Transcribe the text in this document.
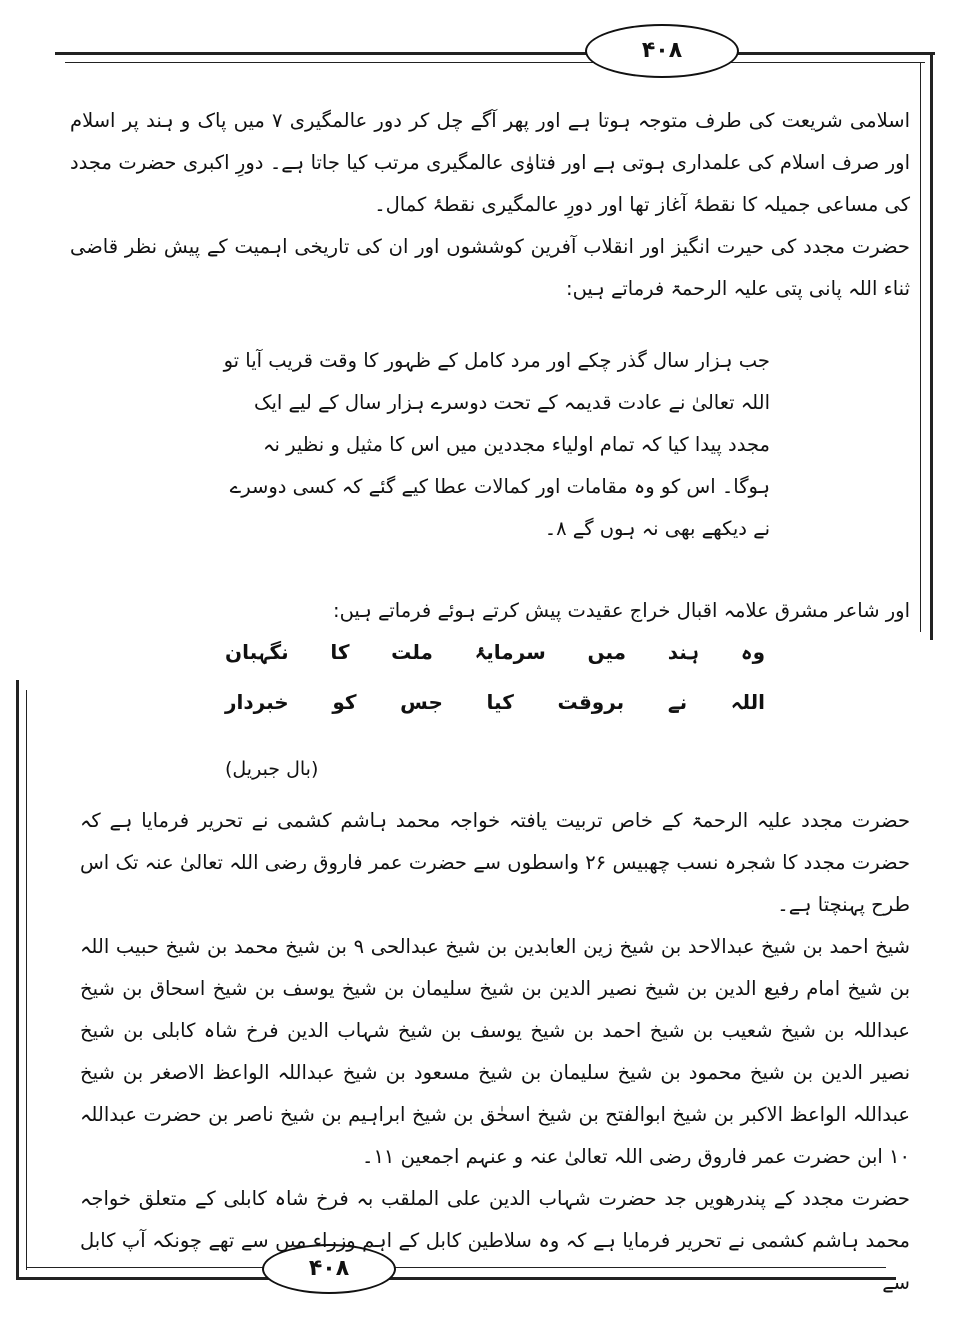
۴۰۸
۴۰۸

اسلامی شریعت کی طرف متوجہ ہوتا ہے اور پھر آگے چل کر دور عالمگیری ۷ میں پاک و ہند پر اسلام اور صرف اسلام کی علمداری ہوتی ہے اور فتاوٰی عالمگیری مرتب کیا جاتا ہے۔ دورِ اکبری حضرت مجدد کی مساعی جمیلہ کا نقطۂ آغاز تھا اور دورِ عالمگیری نقطۂ کمال۔

حضرت مجدد کی حیرت انگیز اور انقلاب آفرین کوششوں اور ان کی تاریخی اہمیت کے پیش نظر قاضی ثناء اللہ پانی پتی علیہ الرحمۃ فرماتے ہیں:

جب ہزار سال گذر چکے اور مرد کامل کے ظہور کا وقت قریب آیا تو اللہ تعالیٰ نے عادت قدیمہ کے تحت دوسرے ہزار سال کے لیے ایک مجدد پیدا کیا کہ تمام اولیاء مجددین میں اس کا مثیل و نظیر نہ ہوگا۔ اس کو وہ مقامات اور کمالات عطا کیے گئے کہ کسی دوسرے نے دیکھے بھی نہ ہوں گے ۸۔

اور شاعر مشرق علامہ اقبال خراج عقیدت پیش کرتے ہوئے فرماتے ہیں:

وہ
ہند
میں
سرمایۂ
ملت
کا
نگہبان
اللہ
نے
بروقت
کیا
جس
کو
خبردار
(بال جبریل)

حضرت مجدد علیہ الرحمۃ کے خاص تربیت یافتہ خواجہ محمد ہاشم کشمی نے تحریر فرمایا ہے کہ حضرت مجدد کا شجرہ نسب چھبیس ۲۶ واسطوں سے حضرت عمر فاروق رضی اللہ تعالیٰ عنہ تک اس طرح پہنچتا ہے۔

شیخ احمد بن شیخ عبدالاحد بن شیخ زین العابدین بن شیخ عبدالحی ۹ بن شیخ محمد بن شیخ حبیب اللہ بن شیخ امام رفیع الدین بن شیخ نصیر الدین بن شیخ سلیمان بن شیخ یوسف بن شیخ اسحاق بن شیخ عبداللہ بن شیخ شعیب بن شیخ احمد بن شیخ یوسف بن شیخ شہاب الدین فرخ شاہ کابلی بن شیخ نصیر الدین بن شیخ محمود بن شیخ سلیمان بن شیخ مسعود بن شیخ عبداللہ الواعظ الاصغر بن شیخ عبداللہ الواعظ الاکبر بن شیخ ابوالفتح بن شیخ اسحٰق بن شیخ ابراہیم بن شیخ ناصر بن حضرت عبداللہ ۱۰ ابن حضرت عمر فاروق رضی اللہ تعالیٰ عنہ و عنہم اجمعین ۱۱۔

حضرت مجدد کے پندرھویں جد حضرت شہاب الدین علی الملقب بہ فرخ شاہ کابلی کے متعلق خواجہ محمد ہاشم کشمی نے تحریر فرمایا ہے کہ وہ سلاطین کابل کے اہم وزراء میں سے تھے چونکہ آپ کابل سے
